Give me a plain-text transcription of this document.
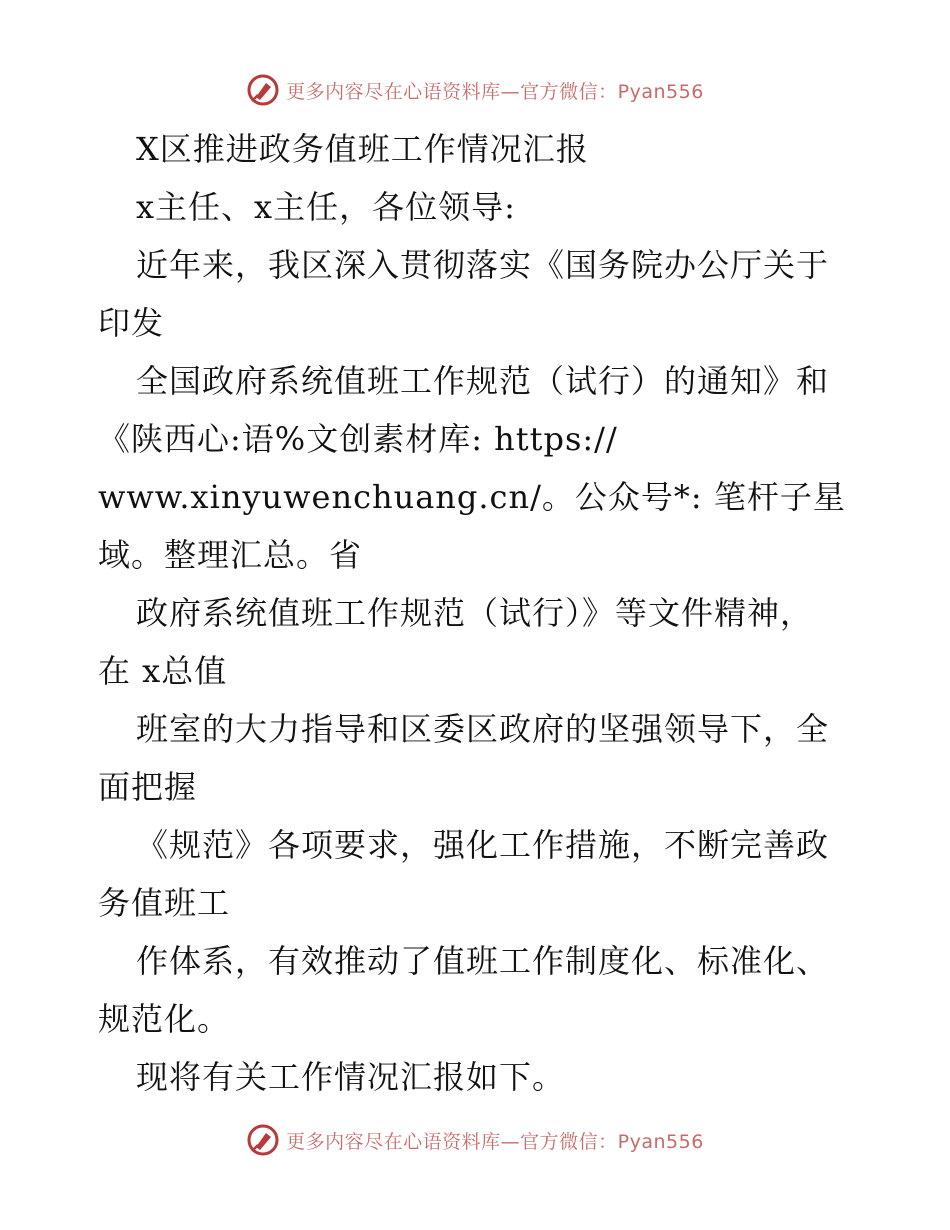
更多内容尽在心语资料库—官方微信：Pyan556
X区推进政务值班工作情况汇报
x主任、x主任，各位领导:
近年来，我区深入贯彻落实《国务院办公厅关于
印发
全国政府系统值班工作规范（试行）的通知》和
《陕西心:语%文创素材库: https://
www.xinyuwenchuang.cn/。公众号*: 笔杆子星
域。整理汇总。省
政府系统值班工作规范（试行）》等文件精神，
在 x总值
班室的大力指导和区委区政府的坚强领导下，全
面把握
《规范》各项要求，强化工作措施，不断完善政
务值班工
作体系，有效推动了值班工作制度化、标准化、
规范化。
现将有关工作情况汇报如下。
更多内容尽在心语资料库—官方微信：Pyan556
